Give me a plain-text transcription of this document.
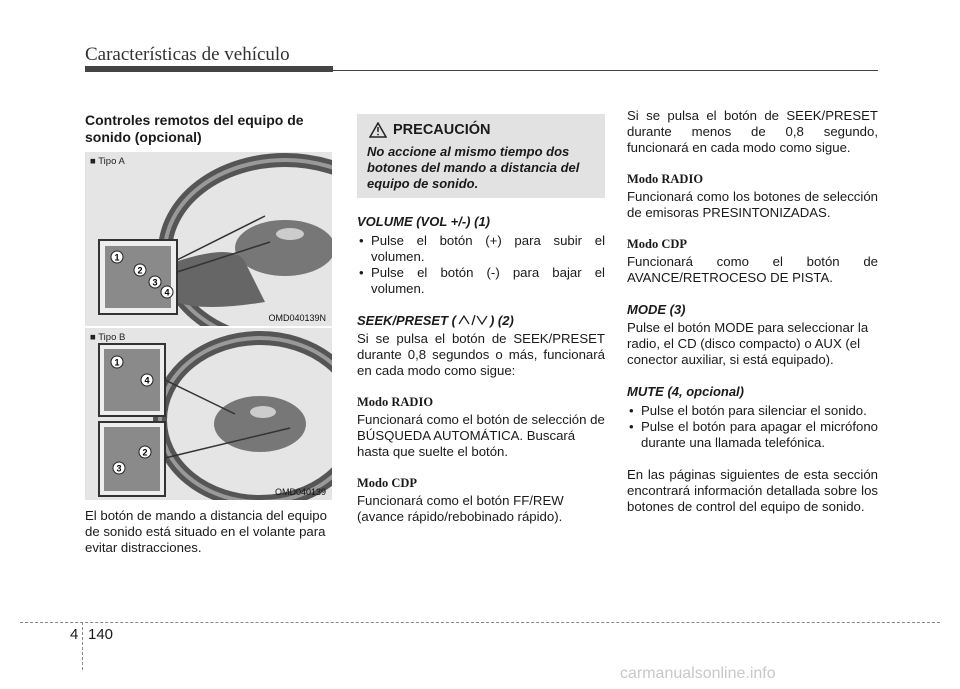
Características de vehículo
Controles remotos del equipo de sonido (opcional)
■ Tipo A
1
2
3
4
OMD040139N
■ Tipo B
1
4
2
3
OMD040139
El botón de mando a distancia del equipo de sonido está situado en el volante para evitar distracciones.
PRECAUCIÓN
No accione al mismo tiempo dos botones del mando a distancia del equipo de sonido.
VOLUME (VOL +/-) (1)
• Pulse el botón (+) para subir el volumen.
• Pulse el botón (-) para bajar el volumen.
SEEK/PRESET (	) (2)
Si se pulsa el botón de SEEK/PRESET durante 0,8 segundos o más, funcionará en cada modo como sigue:
Modo RADIO
Funcionará como el botón de selección de BÚSQUEDA AUTOMÁTICA. Buscará hasta que suelte el botón.
Modo CDP
Funcionará como el botón FF/REW (avance rápido/rebobinado rápido).
Si se pulsa el botón de SEEK/PRESET durante menos de 0,8 segundo, funcionará en cada modo como sigue.
Modo RADIO
Funcionará como los botones de selección de emisoras PRESINTONIZADAS.
Modo CDP
Funcionará como el botón de AVANCE/RETROCESO DE PISTA.
MODE (3)
Pulse el botón MODE para seleccionar la radio, el CD (disco compacto) o AUX (el conector auxiliar, si está equipado).
MUTE (4, opcional)
• Pulse el botón para silenciar el sonido.
• Pulse el botón para apagar el micrófono durante una llamada telefónica.
En las páginas siguientes de esta sección encontrará información detallada sobre los botones de control del equipo de sonido.
4 140
carmanualsonline.info
